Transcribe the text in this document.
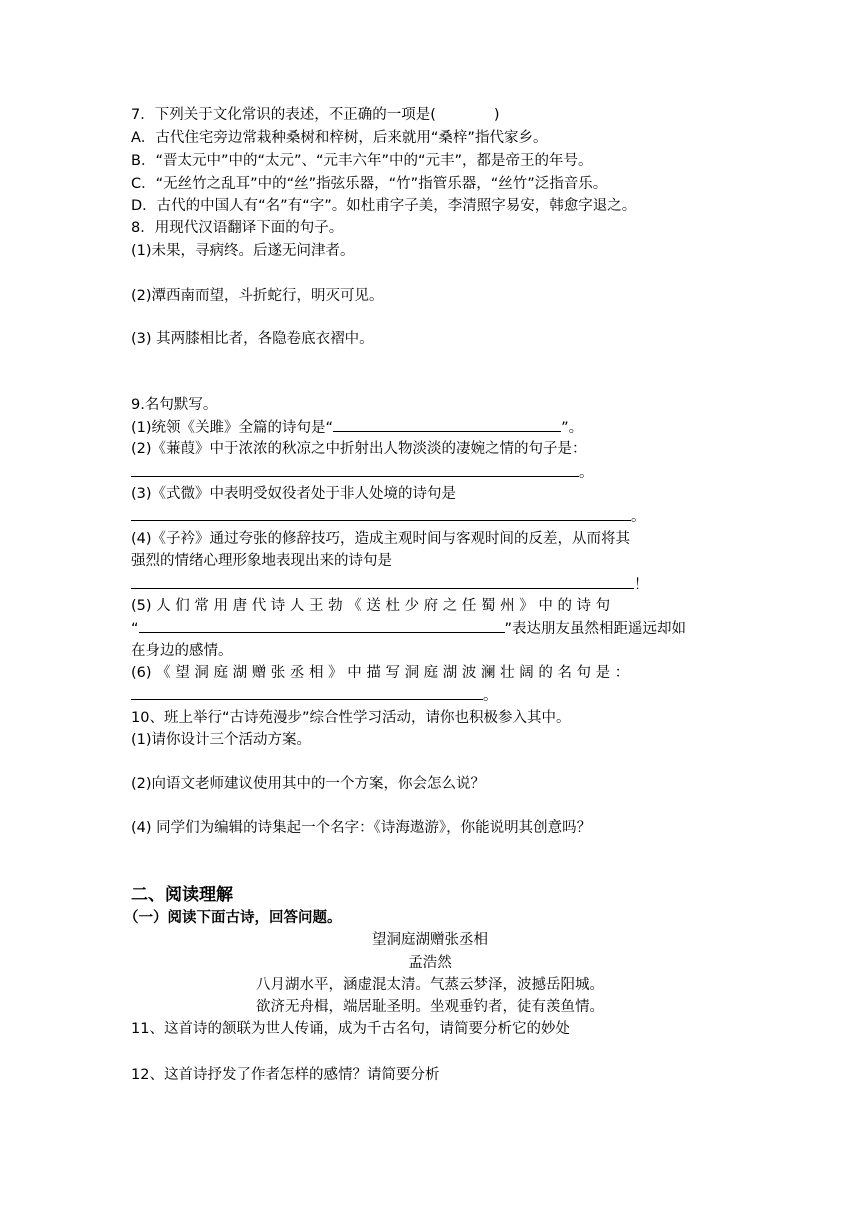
7．下列关于文化常识的表述，不正确的一项是(	)
A．古代住宅旁边常栽种桑树和梓树，后来就用“桑梓”指代家乡。
B．“晋太元中”中的“太元”、“元丰六年”中的“元丰”，都是帝王的年号。
C．“无丝竹之乱耳”中的“丝”指弦乐器，“竹”指管乐器，“丝竹”泛指音乐。
D．古代的中国人有“名”有“字”。如杜甫字子美，李清照字易安，韩愈字退之。
8．用现代汉语翻译下面的句子。
(1)未果，寻病终。后遂无问津者。
(2)潭西南而望，斗折蛇行，明灭可见。
(3) 其两膝相比者，各隐卷底衣褶中。
9.名句默写。
(1)统领《关雎》全篇的诗句是“	”。
(2)《蒹葭》中于浓浓的秋凉之中折射出人物淡淡的凄婉之情的句子是：
。
(3)《式微》中表明受奴役者处于非人处境的诗句是
。
(4)《子衿》通过夸张的修辞技巧，造成主观时间与客观时间的反差，从而将其
强烈的情绪心理形象地表现出来的诗句是
！
(5) 人 们 常 用 唐 代 诗 人 王 勃 《 送 杜 少 府 之 任 蜀 州 》 中 的 诗 句
“	”表达朋友虽然相距遥远却如
在身边的感情。
(6) 《 望 洞 庭 湖 赠 张 丞 相 》 中 描 写 洞 庭 湖 波 澜 壮 阔 的 名 句 是 ：
。
10、班上举行“古诗苑漫步”综合性学习活动，请你也积极参入其中。
(1)请你设计三个活动方案。
(2)向语文老师建议使用其中的一个方案，你会怎么说？
(4) 同学们为编辑的诗集起一个名字：《诗海遨游》，你能说明其创意吗？
二、阅读理解
（一）阅读下面古诗，回答问题。
望洞庭湖赠张丞相
孟浩然
八月湖水平，涵虚混太清。气蒸云梦泽，波撼岳阳城。
欲济无舟楫，端居耻圣明。坐观垂钓者，徒有羡鱼情。
11、这首诗的颔联为世人传诵，成为千古名句，请简要分析它的妙处
12、这首诗抒发了作者怎样的感情？请简要分析
